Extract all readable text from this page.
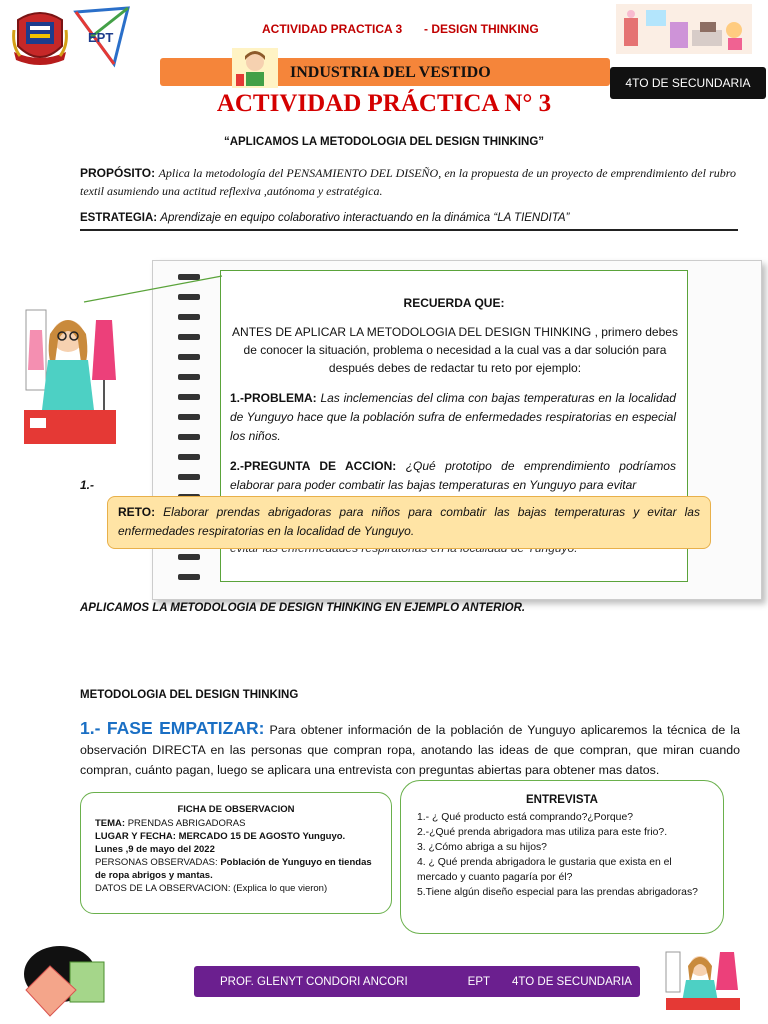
EPT
ACTIVIDAD PRACTICA 3 - DESIGN THINKING
INDUSTRIA DEL VESTIDO
4TO DE SECUNDARIA
ACTIVIDAD PRÁCTICA N° 3
“APLICAMOS LA METODOLOGIA DEL DESIGN THINKING”
PROPÓSITO: Aplica la metodología del PENSAMIENTO DEL DISEÑO, en la propuesta de un proyecto de emprendimiento del rubro textil asumiendo una actitud reflexiva ,autónoma y estratégica.
ESTRATEGIA: Aprendizaje en equipo colaborativo interactuando en la dinámica “LA TIENDITA”
RECUERDA QUE:
ANTES DE APLICAR LA METODOLOGIA DEL DESIGN THINKING , primero debes de conocer la situación, problema o necesidad a la cual vas a dar solución para después debes de redactar tu reto por ejemplo:
1.-PROBLEMA: Las inclemencias del clima con bajas temperaturas en la localidad de Yunguyo hace que la población sufra de enfermedades respiratorias en especial los niños.
2.-PREGUNTA DE ACCION: ¿Qué prototipo de emprendimiento podríamos elaborar para poder combatir las bajas temperaturas en Yunguyo para evitar
RETO: Elaborar prendas abrigadoras para niños para combatir las bajas temperaturas y evitar las enfermedades respiratorias en la localidad de Yunguyo.
1.-
APLICAMOS LA METODOLOGIA DE DESIGN THINKING EN EJEMPLO ANTERIOR.
METODOLOGIA DEL DESIGN THINKING
1.- FASE EMPATIZAR: Para obtener información de la población de Yunguyo aplicaremos la técnica de la observación DIRECTA en las personas que compran ropa, anotando las ideas de que compran, que miran cuando compran, cuánto pagan, luego se aplicara una entrevista con preguntas abiertas para obtener mas datos.
FICHA DE OBSERVACION
TEMA: PRENDAS ABRIGADORAS
LUGAR Y FECHA: MERCADO 15 DE AGOSTO Yunguyo.
Lunes ,9 de mayo del 2022
PERSONAS OBSERVADAS: Población de Yunguyo en tiendas de ropa abrigos y mantas.
DATOS DE LA OBSERVACION: (Explica lo que vieron)
ENTREVISTA
1.- ¿ Qué producto está comprando?¿Porque?
2.-¿Qué prenda abrigadora mas utiliza para este frio?.
3. ¿Cómo abriga a su hijos?
4. ¿ Qué prenda abrigadora le gustaria que exista en el mercado y cuanto pagaría por él?
5.Tiene algún diseño especial para las prendas abrigadoras?
PROF. GLENYT CONDORI ANCORI	EPT 4TO DE SECUNDARIA
